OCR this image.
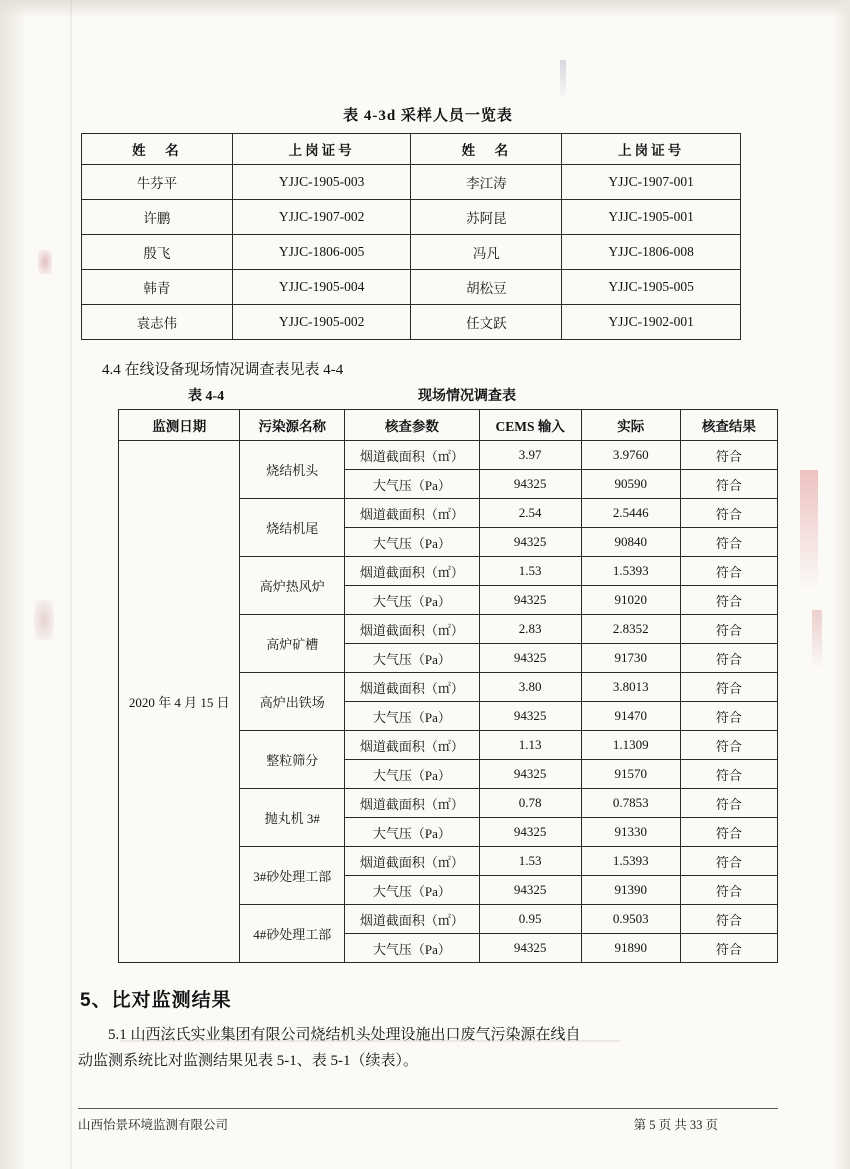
表 4-3d 采样人员一览表
姓　名	上岗证号	姓　名	上岗证号
牛芬平	YJJC-1905-003	李江涛	YJJC-1907-001
许鹏	YJJC-1907-002	苏阿昆	YJJC-1905-001
殷飞	YJJC-1806-005	冯凡	YJJC-1806-008
韩青	YJJC-1905-004	胡松豆	YJJC-1905-005
袁志伟	YJJC-1905-002	任文跃	YJJC-1902-001
4.4 在线设备现场情况调查表见表 4-4
表 4-4	现场情况调查表
监测日期	污染源名称	核查参数	CEMS 输入	实际	核查结果
2020 年 4 月 15 日	烧结机头	烟道截面积（㎡）	3.97	3.9760	符合
		大气压（Pa）	94325	90590	符合
	烧结机尾	烟道截面积（㎡）	2.54	2.5446	符合
		大气压（Pa）	94325	90840	符合
	高炉热风炉	烟道截面积（㎡）	1.53	1.5393	符合
		大气压（Pa）	94325	91020	符合
	高炉矿槽	烟道截面积（㎡）	2.83	2.8352	符合
		大气压（Pa）	94325	91730	符合
	高炉出铁场	烟道截面积（㎡）	3.80	3.8013	符合
		大气压（Pa）	94325	91470	符合
	整粒筛分	烟道截面积（㎡）	1.13	1.1309	符合
		大气压（Pa）	94325	91570	符合
	抛丸机 3#	烟道截面积（㎡）	0.78	0.7853	符合
		大气压（Pa）	94325	91330	符合
	3#砂处理工部	烟道截面积（㎡）	1.53	1.5393	符合
		大气压（Pa）	94325	91390	符合
	4#砂处理工部	烟道截面积（㎡）	0.95	0.9503	符合
		大气压（Pa）	94325	91890	符合
5、比对监测结果
5.1 山西泫氏实业集团有限公司烧结机头处理设施出口废气污染源在线自
动监测系统比对监测结果见表 5-1、表 5-1（续表）。
山西怡景环境监测有限公司	第 5 页 共 33 页
